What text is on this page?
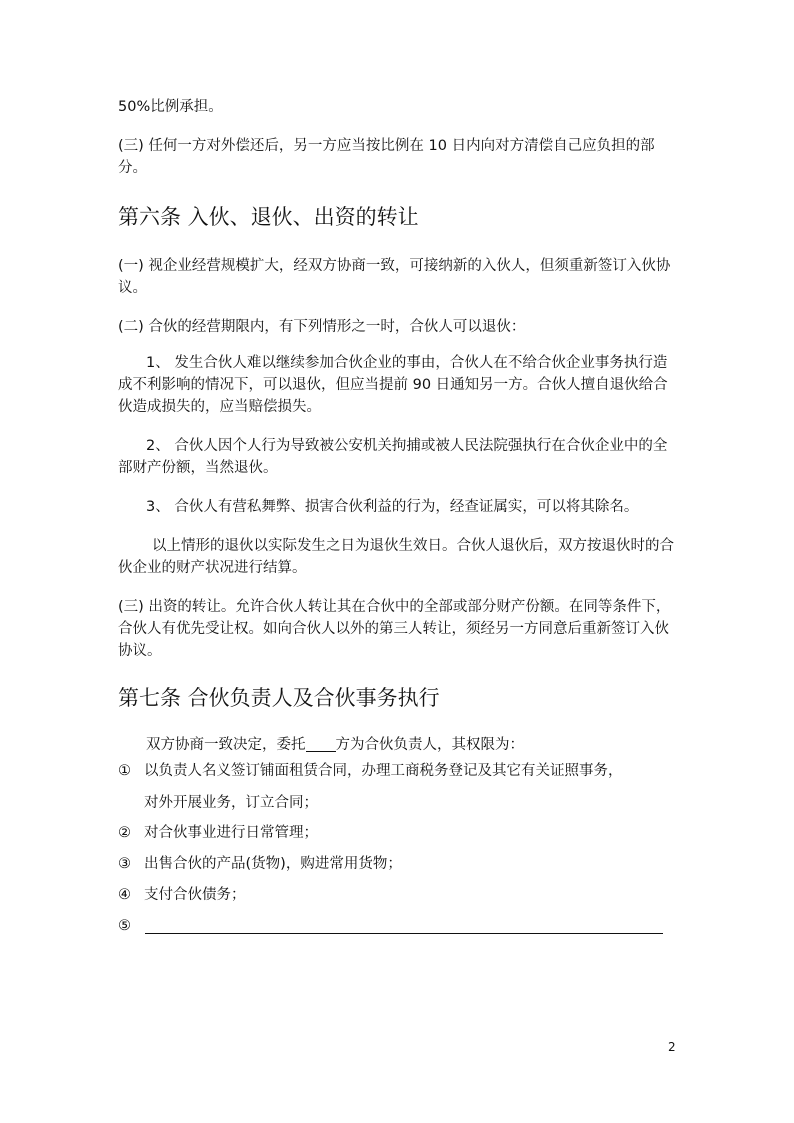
50%比例承担。

(三) 任何一方对外偿还后，另一方应当按比例在 10 日内向对方清偿自己应负担的部分。

第六条 入伙、退伙、出资的转让

(一) 视企业经营规模扩大，经双方协商一致，可接纳新的入伙人，但须重新签订入伙协议。

(二) 合伙的经营期限内，有下列情形之一时，合伙人可以退伙：

1、 发生合伙人难以继续参加合伙企业的事由，合伙人在不给合伙企业事务执行造成不利影响的情况下，可以退伙，但应当提前 90 日通知另一方。合伙人擅自退伙给合伙造成损失的，应当赔偿损失。

2、 合伙人因个人行为导致被公安机关拘捕或被人民法院强执行在合伙企业中的全部财产份额，当然退伙。

3、 合伙人有营私舞弊、损害合伙利益的行为，经查证属实，可以将其除名。

以上情形的退伙以实际发生之日为退伙生效日。合伙人退伙后，双方按退伙时的合伙企业的财产状况进行结算。

(三) 出资的转让。允许合伙人转让其在合伙中的全部或部分财产份额。在同等条件下，合伙人有优先受让权。如向合伙人以外的第三人转让，须经另一方同意后重新签订入伙协议。

第七条 合伙负责人及合伙事务执行

双方协商一致决定，委托 方为合伙负责人，其权限为：

① 以负责人名义签订铺面租赁合同，办理工商税务登记及其它有关证照事务，
对外开展业务，订立合同；
② 对合伙事业进行日常管理；
③ 出售合伙的产品(货物)，购进常用货物；
④ 支付合伙债务；
⑤
2
